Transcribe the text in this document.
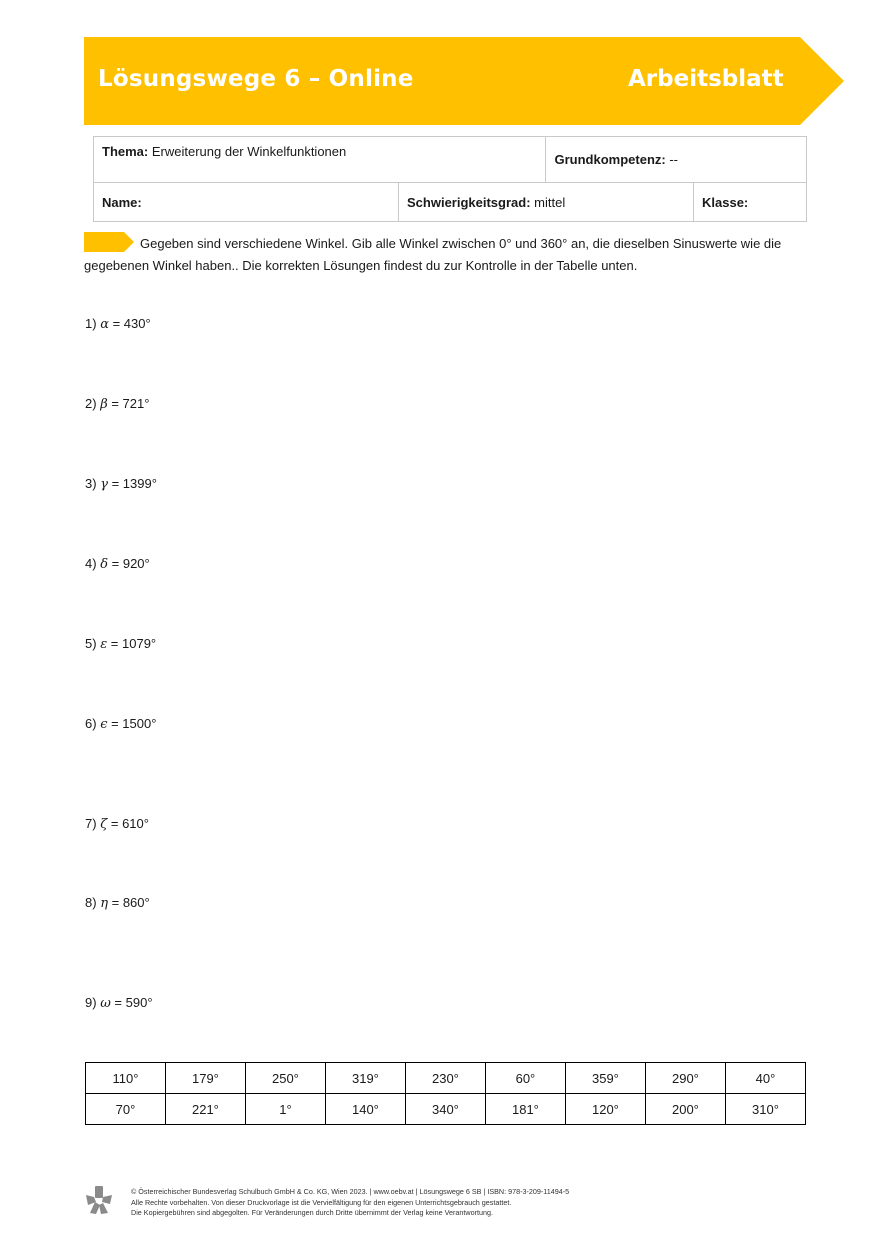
Lösungswege 6 – Online	Arbeitsblatt
Thema: Erweiterung der Winkelfunktionen		Grundkompetenz: --	
Name:	Schwierigkeitsgrad: mittel		Klasse:
Gegeben sind verschiedene Winkel. Gib alle Winkel zwischen 0° und 360° an, die dieselben Sinuswerte wie die gegebenen Winkel haben.. Die korrekten Lösungen findest du zur Kontrolle in der Tabelle unten.
1) α = 430°
2) β = 721°
3) γ = 1399°
4) δ = 920°
5) ε = 1079°
6) ϵ = 1500°
7) ζ = 610°
8) η = 860°
9) ω = 590°
110°	179°	250°	319°	230°	60°	359°	290°	40°
70°	221°	1°	140°	340°	181°	120°	200°	310°
© Österreichischer Bundesverlag Schulbuch GmbH & Co. KG, Wien 2023. | www.oebv.at | Lösungswege 6 SB | ISBN: 978-3-209-11494-5
Alle Rechte vorbehalten. Von dieser Druckvorlage ist die Vervielfältigung für den eigenen Unterrichtsgebrauch gestattet.
Die Kopiergebühren sind abgegolten. Für Veränderungen durch Dritte übernimmt der Verlag keine Verantwortung.
